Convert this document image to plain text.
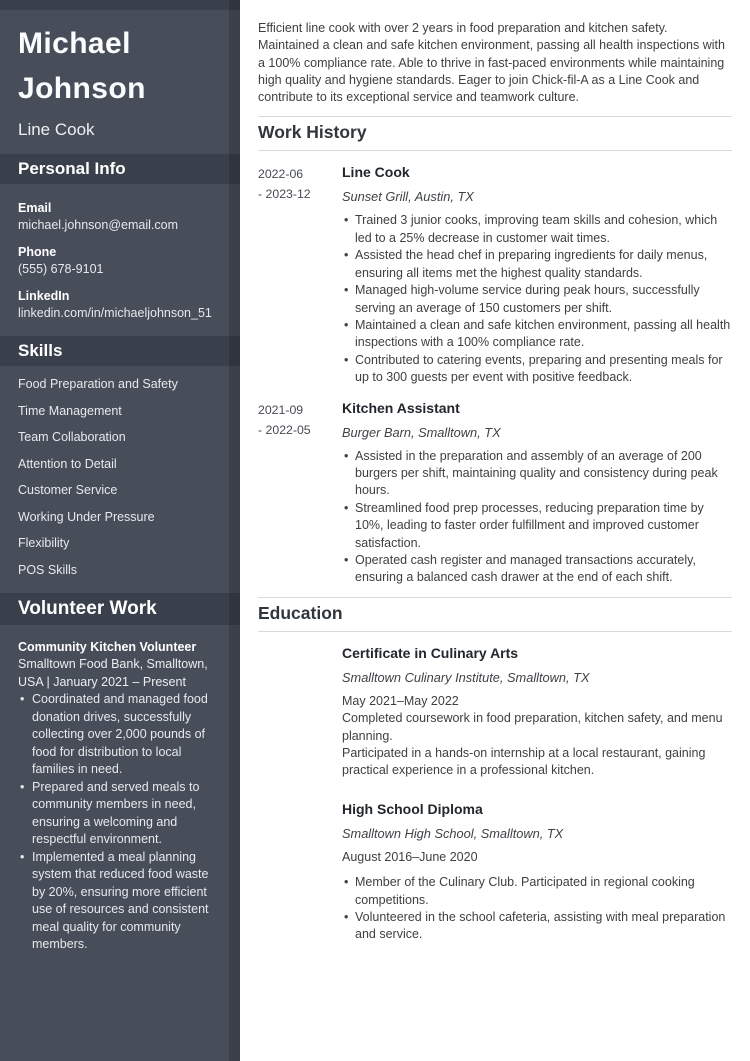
Michael Johnson
Line Cook
Personal Info
Email
michael.johnson@email.com
Phone
(555) 678-9101
LinkedIn
linkedin.com/in/michaeljohnson_51
Skills
Food Preparation and Safety
Time Management
Team Collaboration
Attention to Detail
Customer Service
Working Under Pressure
Flexibility
POS Skills
Volunteer Work
Community Kitchen Volunteer
Smalltown Food Bank, Smalltown, USA | January 2021 – Present
• Coordinated and managed food donation drives, successfully collecting over 2,000 pounds of food for distribution to local families in need.
• Prepared and served meals to community members in need, ensuring a welcoming and respectful environment.
• Implemented a meal planning system that reduced food waste by 20%, ensuring more efficient use of resources and consistent meal quality for community members.

Efficient line cook with over 2 years in food preparation and kitchen safety. Maintained a clean and safe kitchen environment, passing all health inspections with a 100% compliance rate. Able to thrive in fast-paced environments while maintaining high quality and hygiene standards. Eager to join Chick-fil-A as a Line Cook and contribute to its exceptional service and teamwork culture.

Work History
2022-06
- 2023-12
Line Cook

Sunset Grill, Austin, TX

• Trained 3 junior cooks, improving team skills and cohesion, which led to a 25% decrease in customer wait times.
• Assisted the head chef in preparing ingredients for daily menus, ensuring all items met the highest quality standards.
• Managed high-volume service during peak hours, successfully serving an average of 150 customers per shift.
• Maintained a clean and safe kitchen environment, passing all health inspections with a 100% compliance rate.
• Contributed to catering events, preparing and presenting meals for up to 300 guests per event with positive feedback.
2021-09
- 2022-05
Kitchen Assistant

Burger Barn, Smalltown, TX

• Assisted in the preparation and assembly of an average of 200 burgers per shift, maintaining quality and consistency during peak hours.
• Streamlined food prep processes, reducing preparation time by 10%, leading to faster order fulfillment and improved customer satisfaction.
• Operated cash register and managed transactions accurately, ensuring a balanced cash drawer at the end of each shift.
Education
Certificate in Culinary Arts

Smalltown Culinary Institute, Smalltown, TX

May 2021–May 2022

Completed coursework in food preparation, kitchen safety, and menu planning.

Participated in a hands-on internship at a local restaurant, gaining practical experience in a professional kitchen.

High School Diploma

Smalltown High School, Smalltown, TX

August 2016–June 2020

• Member of the Culinary Club. Participated in regional cooking competitions.
• Volunteered in the school cafeteria, assisting with meal preparation and service.
